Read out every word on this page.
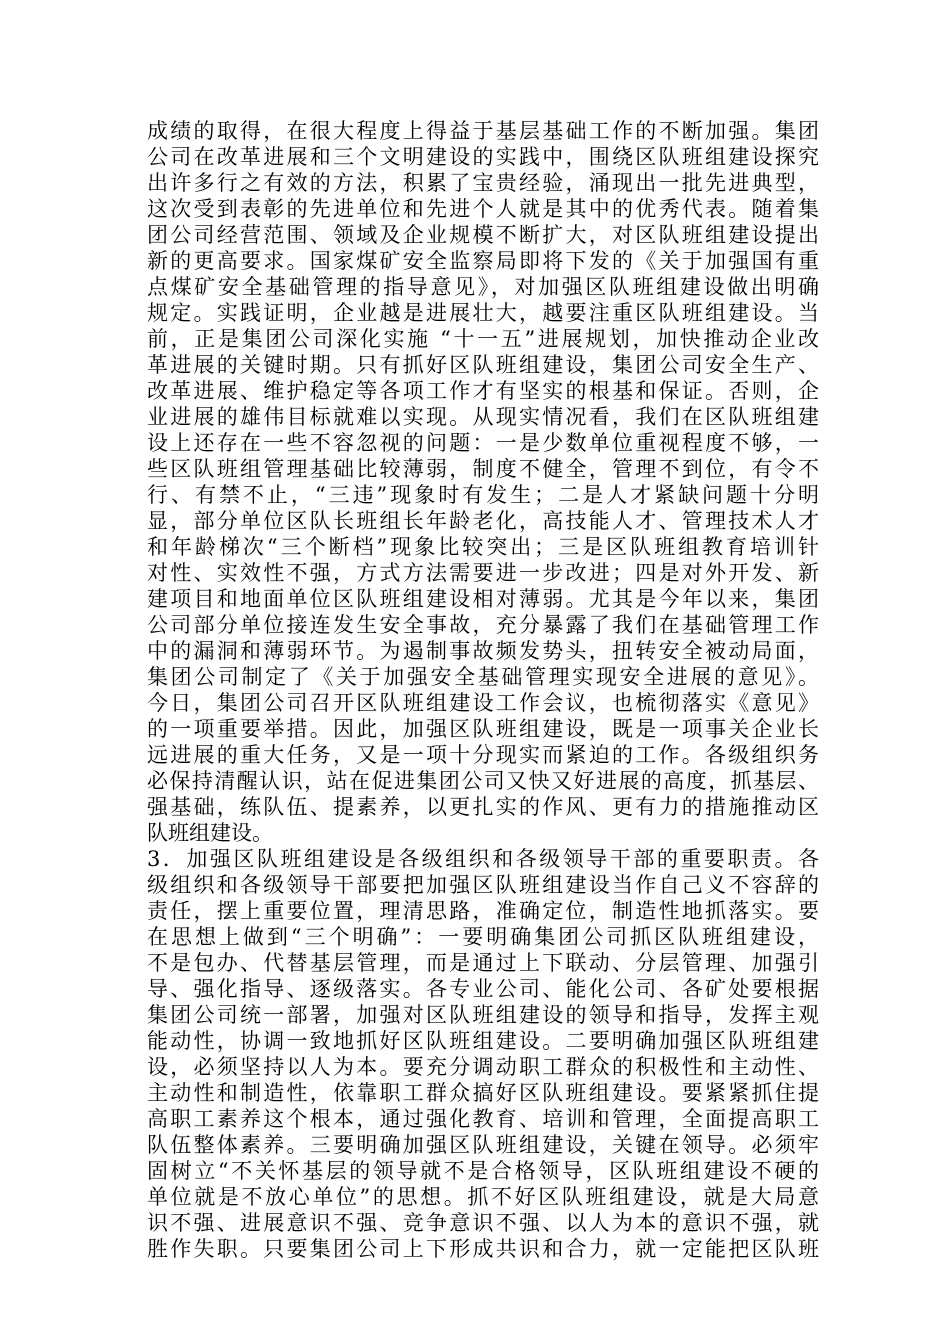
成绩的取得，在很大程度上得益于基层基础工作的不断加强。集团
公司在改革进展和三个文明建设的实践中，围绕区队班组建设探究
出许多行之有效的方法，积累了宝贵经验，涌现出一批先进典型，
这次受到表彰的先进单位和先进个人就是其中的优秀代表。随着集
团公司经营范围、领域及企业规模不断扩大，对区队班组建设提出
新的更高要求。国家煤矿安全监察局即将下发的《关于加强国有重
点煤矿安全基础管理的指导意见》，对加强区队班组建设做出明确
规定。实践证明，企业越是进展壮大，越要注重区队班组建设。当
前，正是集团公司深化实施 “十一五”进展规划，加快推动企业改
革进展的关键时期。只有抓好区队班组建设，集团公司安全生产、
改革进展、维护稳定等各项工作才有坚实的根基和保证。否则，企
业进展的雄伟目标就难以实现。从现实情况看，我们在区队班组建
设上还存在一些不容忽视的问题：一是少数单位重视程度不够，一
些区队班组管理基础比较薄弱，制度不健全，管理不到位，有令不
行、有禁不止，“三违”现象时有发生；二是人才紧缺问题十分明
显，部分单位区队长班组长年龄老化，高技能人才、管理技术人才
和年龄梯次“三个断档”现象比较突出；三是区队班组教育培训针
对性、实效性不强，方式方法需要进一步改进；四是对外开发、新
建项目和地面单位区队班组建设相对薄弱。尤其是今年以来，集团
公司部分单位接连发生安全事故，充分暴露了我们在基础管理工作
中的漏洞和薄弱环节。为遏制事故频发势头，扭转安全被动局面，
集团公司制定了《关于加强安全基础管理实现安全进展的意见》。
今日，集团公司召开区队班组建设工作会议，也梳彻落实《意见》
的一项重要举措。因此，加强区队班组建设，既是一项事关企业长
远进展的重大任务，又是一项十分现实而紧迫的工作。各级组织务
必保持清醒认识，站在促进集团公司又快又好进展的高度，抓基层、
强基础，练队伍、提素养，以更扎实的作风、更有力的措施推动区
队班组建设。
3．加强区队班组建设是各级组织和各级领导干部的重要职责。各
级组织和各级领导干部要把加强区队班组建设当作自己义不容辞的
责任，摆上重要位置，理清思路，准确定位，制造性地抓落实。要
在思想上做到“三个明确”：一要明确集团公司抓区队班组建设，
不是包办、代替基层管理，而是通过上下联动、分层管理、加强引
导、强化指导、逐级落实。各专业公司、能化公司、各矿处要根据
集团公司统一部署，加强对区队班组建设的领导和指导，发挥主观
能动性，协调一致地抓好区队班组建设。二要明确加强区队班组建
设，必须坚持以人为本。要充分调动职工群众的积极性和主动性、
主动性和制造性，依靠职工群众搞好区队班组建设。要紧紧抓住提
高职工素养这个根本，通过强化教育、培训和管理，全面提高职工
队伍整体素养。三要明确加强区队班组建设，关键在领导。必须牢
固树立“不关怀基层的领导就不是合格领导，区队班组建设不硬的
单位就是不放心单位”的思想。抓不好区队班组建设，就是大局意
识不强、进展意识不强、竞争意识不强、以人为本的意识不强，就
胜作失职。只要集团公司上下形成共识和合力，就一定能把区队班
